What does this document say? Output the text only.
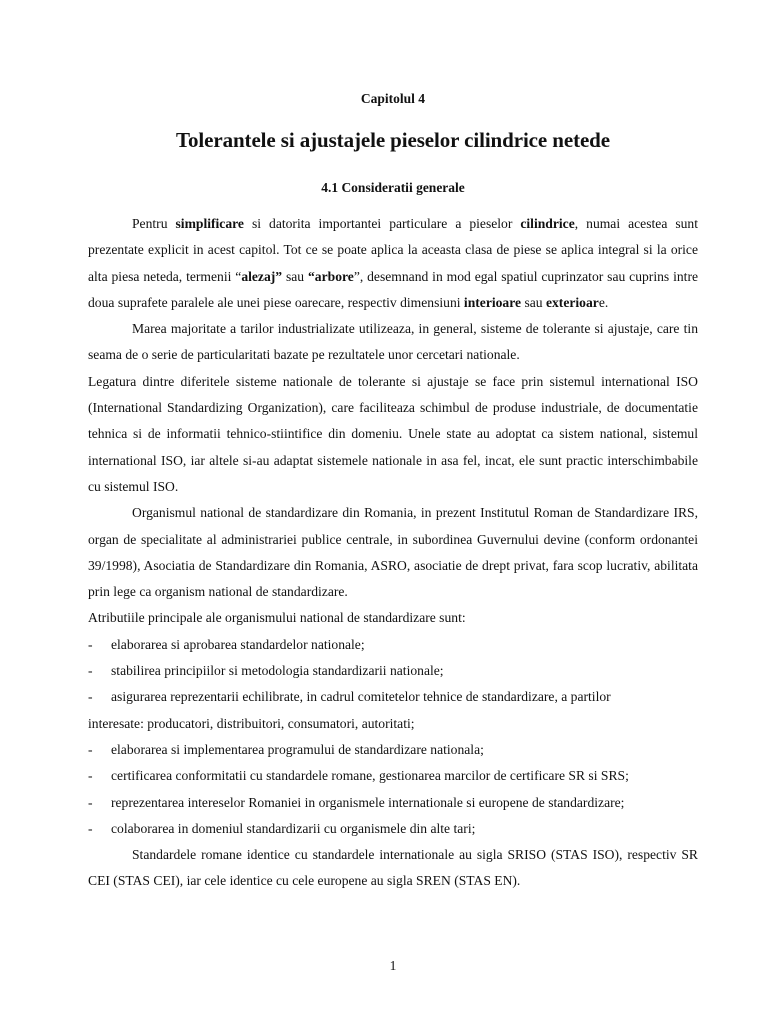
Capitolul 4
Tolerantele si ajustajele pieselor cilindrice netede
4.1 Consideratii generale

Pentru simplificare si datorita importantei particulare a pieselor cilindrice, numai acestea sunt prezentate explicit in acest capitol. Tot ce se poate aplica la aceasta clasa de piese se aplica integral si la orice alta piesa neteda, termenii “alezaj” sau “arbore”, desemnand in mod egal spatiul cuprinzator sau cuprins intre doua suprafete paralele ale unei piese oarecare, respectiv dimensiuni interioare sau exterioare.

Marea majoritate a tarilor industrializate utilizeaza, in general, sisteme de tolerante si ajustaje, care tin seama de o serie de particularitati bazate pe rezultatele unor cercetari nationale.

Legatura dintre diferitele sisteme nationale de tolerante si ajustaje se face prin sistemul international ISO (International Standardizing Organization), care faciliteaza schimbul de produse industriale, de documentatie tehnica si de informatii tehnico-stiintifice din domeniu. Unele state au adoptat ca sistem national, sistemul international ISO, iar altele si-au adaptat sistemele nationale in asa fel, incat, ele sunt practic interschimbabile cu sistemul ISO.

Organismul national de standardizare din Romania, in prezent Institutul Roman de Standardizare IRS, organ de specialitate al administrariei publice centrale, in subordinea Guvernului devine (conform ordonantei 39/1998), Asociatia de Standardizare din Romania, ASRO, asociatie de drept privat, fara scop lucrativ, abilitata prin lege ca organism national de standardizare.

Atributiile principale ale organismului national de standardizare sunt:

-	elaborarea si aprobarea standardelor nationale;
-	stabilirea principiilor si metodologia standardizarii nationale;
-	asigurarea reprezentarii echilibrate, in cadrul comitetelor tehnice de standardizare, a partilor

interesate: producatori, distribuitori, consumatori, autoritati;

-	elaborarea si implementarea programului de standardizare nationala;
-	certificarea conformitatii cu standardele romane, gestionarea marcilor de certificare SR si SRS;
-	reprezentarea intereselor Romaniei in organismele internationale si europene de standardizare;
-	colaborarea in domeniul standardizarii cu organismele din alte tari;

Standardele romane identice cu standardele internationale au sigla SRISO (STAS ISO), respectiv SR CEI (STAS CEI), iar cele identice cu cele europene au sigla SREN (STAS EN).

1
